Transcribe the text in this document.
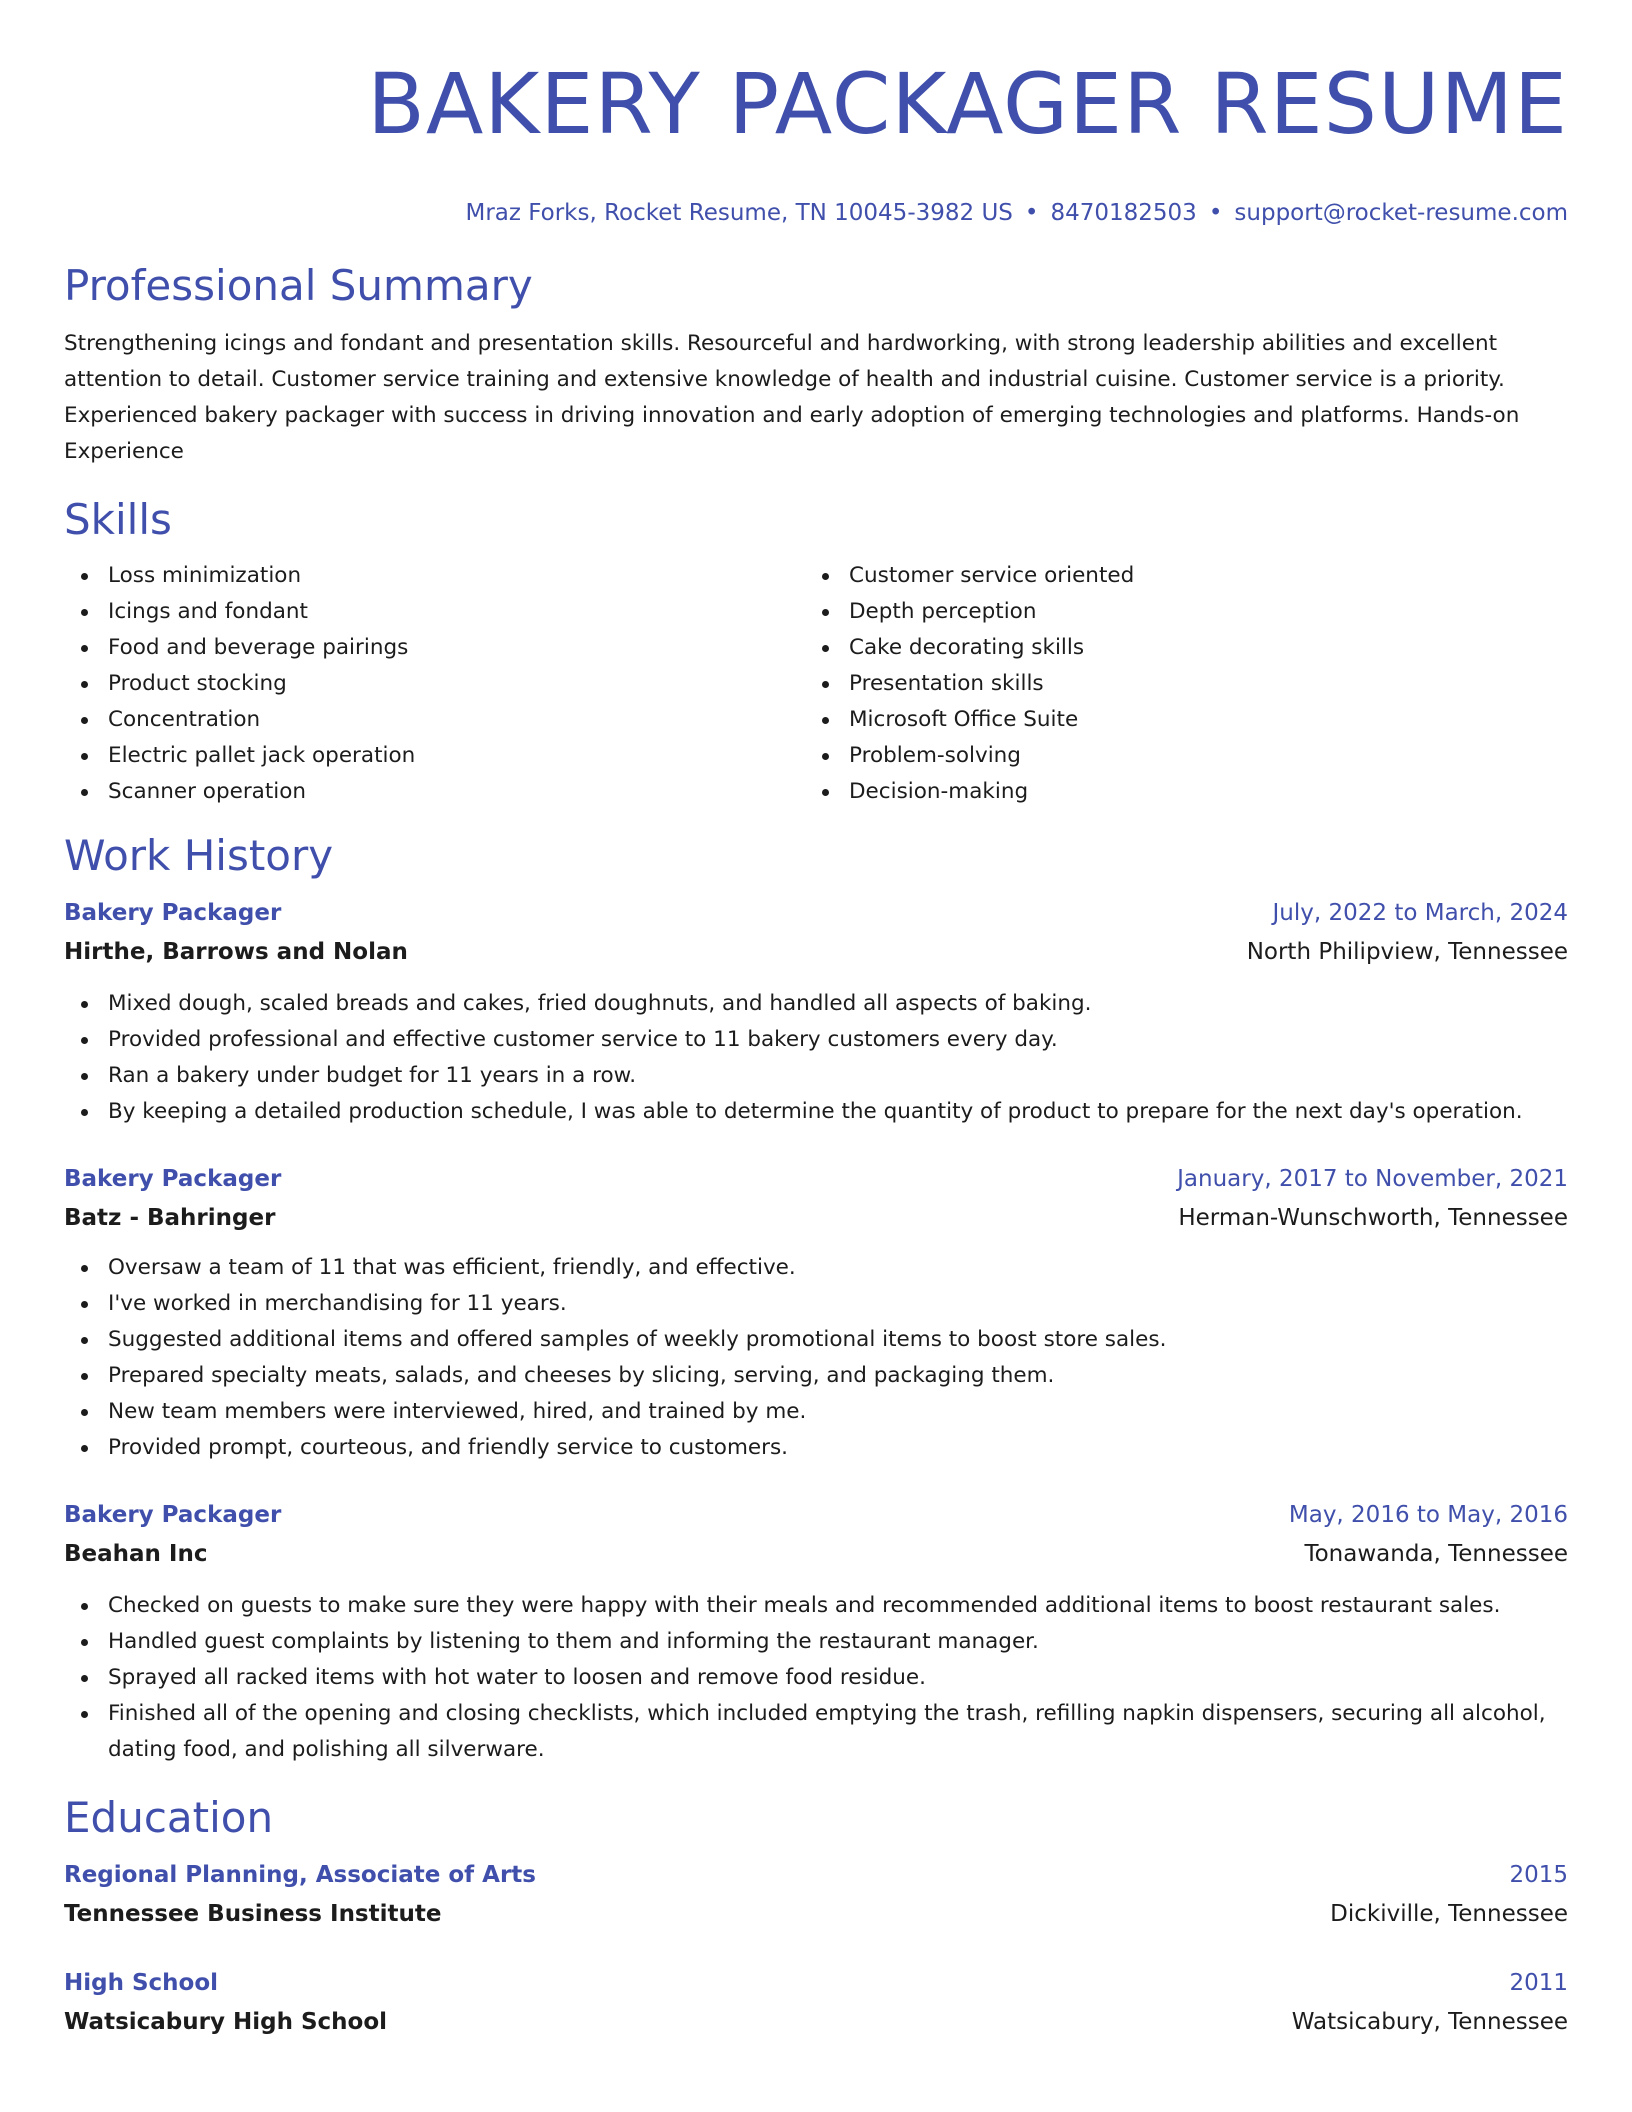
BAKERY PACKAGER RESUME
Mraz Forks, Rocket Resume, TN 10045-3982 US • 8470182503 • support@rocket-resume.com
Professional Summary

Strengthening icings and fondant and presentation skills. Resourceful and hardworking, with strong leadership abilities and excellent attention to detail. Customer service training and extensive knowledge of health and industrial cuisine. Customer service is a priority. Experienced bakery packager with success in driving innovation and early adoption of emerging technologies and platforms. Hands-on Experience

Skills
Loss minimization
Icings and fondant
Food and beverage pairings
Product stocking
Concentration
Electric pallet jack operation
Scanner operation
Customer service oriented
Depth perception
Cake decorating skills
Presentation skills
Microsoft Office Suite
Problem-solving
Decision-making
Work History
Bakery Packager	July, 2022 to March, 2024
Hirthe, Barrows and Nolan	North Philipview, Tennessee
Mixed dough, scaled breads and cakes, fried doughnuts, and handled all aspects of baking.
Provided professional and effective customer service to 11 bakery customers every day.
Ran a bakery under budget for 11 years in a row.
By keeping a detailed production schedule, I was able to determine the quantity of product to prepare for the next day's operation.
Bakery Packager	January, 2017 to November, 2021
Batz - Bahringer	Herman-Wunschworth, Tennessee
Oversaw a team of 11 that was efficient, friendly, and effective.
I've worked in merchandising for 11 years.
Suggested additional items and offered samples of weekly promotional items to boost store sales.
Prepared specialty meats, salads, and cheeses by slicing, serving, and packaging them.
New team members were interviewed, hired, and trained by me.
Provided prompt, courteous, and friendly service to customers.
Bakery Packager	May, 2016 to May, 2016
Beahan Inc	Tonawanda, Tennessee
Checked on guests to make sure they were happy with their meals and recommended additional items to boost restaurant sales.
Handled guest complaints by listening to them and informing the restaurant manager.
Sprayed all racked items with hot water to loosen and remove food residue.
Finished all of the opening and closing checklists, which included emptying the trash, refilling napkin dispensers, securing all alcohol, dating food, and polishing all silverware.
Education
Regional Planning, Associate of Arts	2015
Tennessee Business Institute	Dickiville, Tennessee
High School	2011
Watsicabury High School	Watsicabury, Tennessee
